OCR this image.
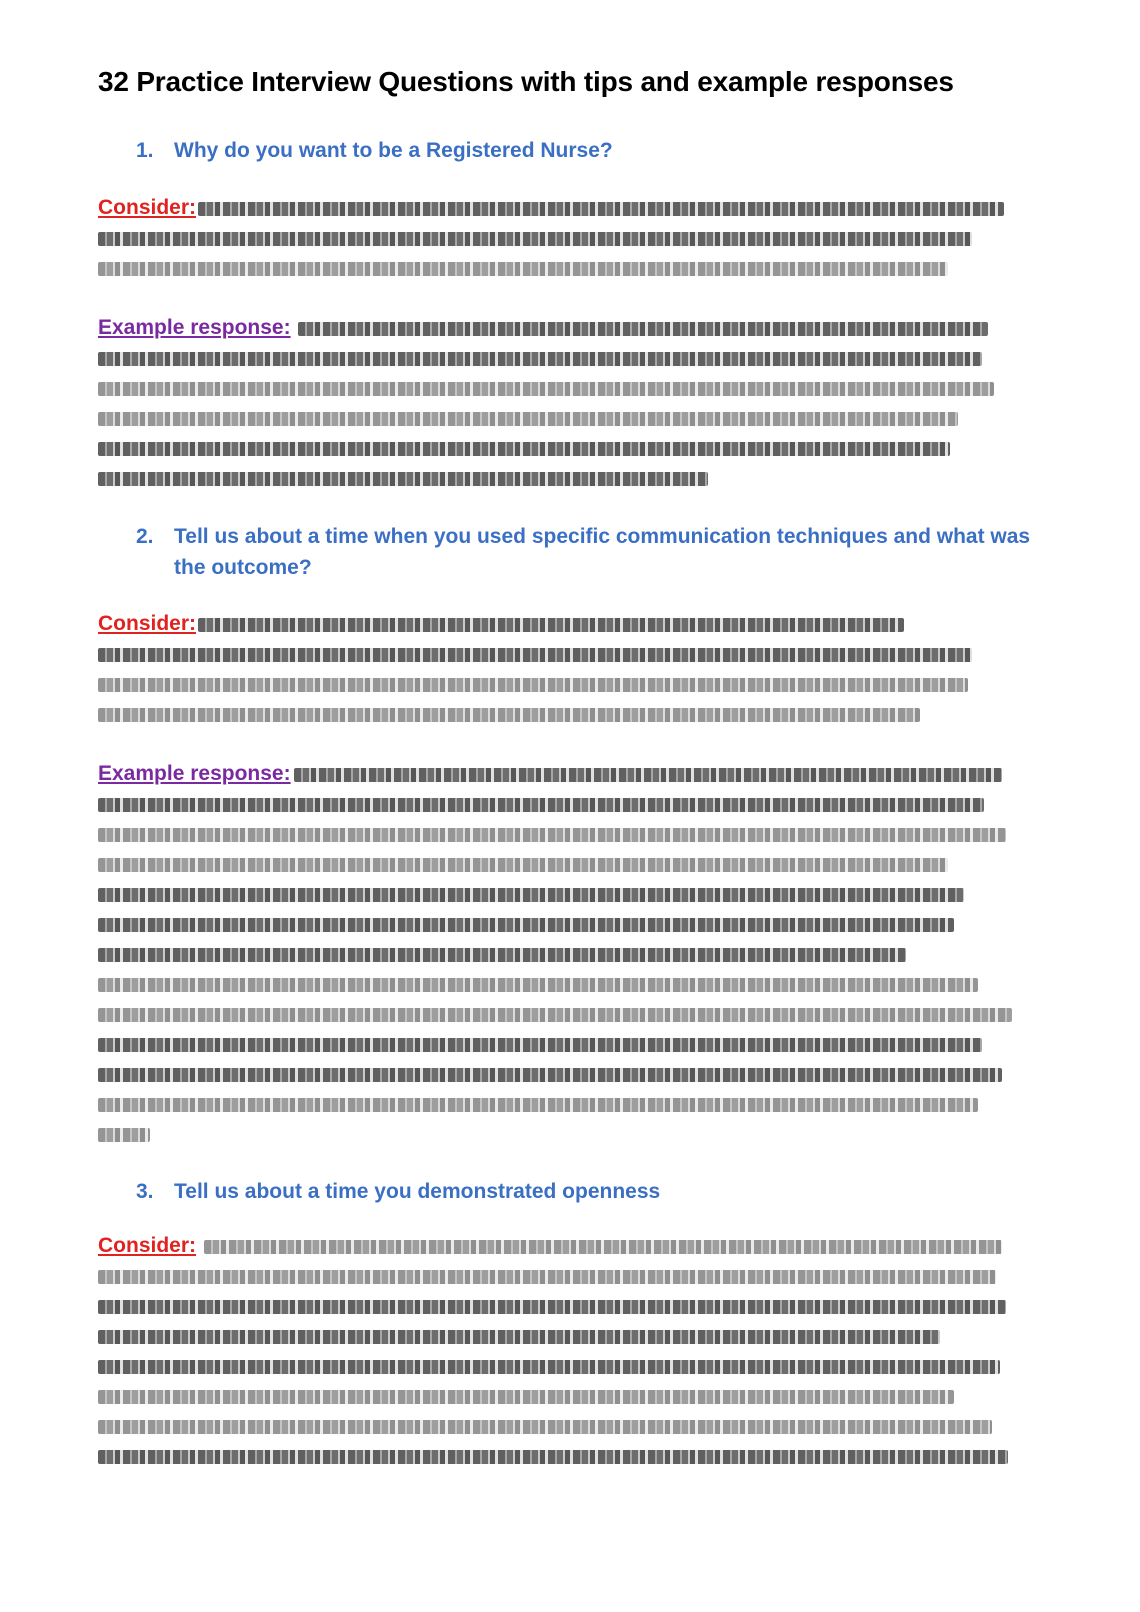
32 Practice Interview Questions with tips and example responses
1. Why do you want to be a Registered Nurse?
Consider:
Example response:
2. Tell us about a time when you used specific communication techniques and what was the outcome?
Consider:
Example response:
3. Tell us about a time you demonstrated openness
Consider:
